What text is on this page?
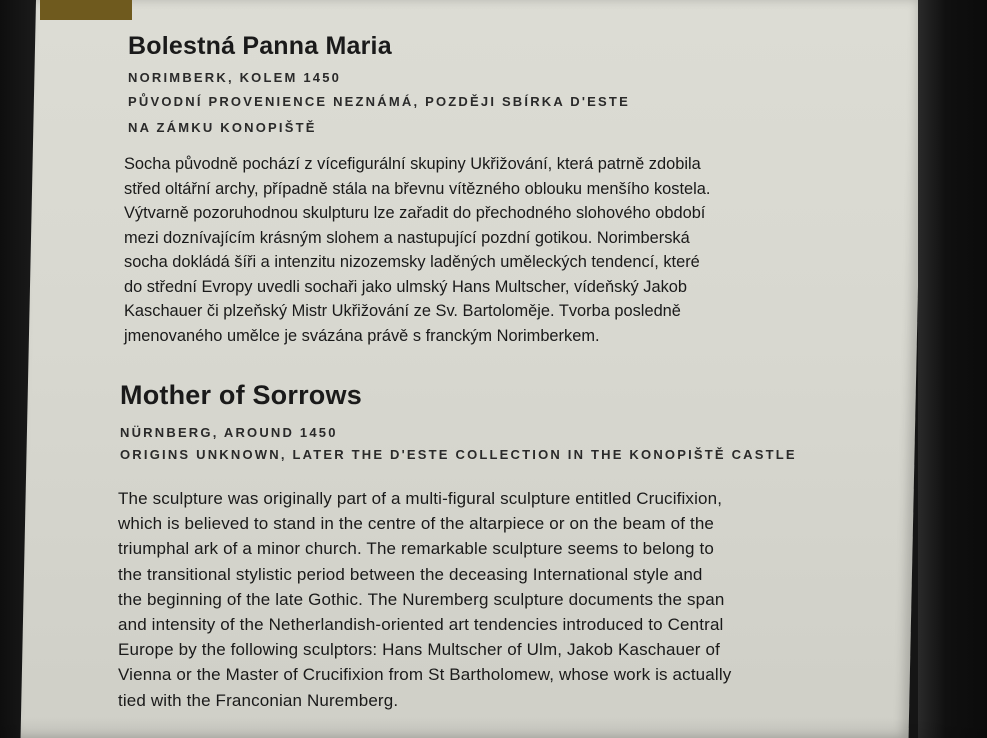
Bolestná Panna Maria
NORIMBERK, KOLEM 1450
PŮVODNÍ PROVENIENCE NEZNÁMÁ, POZDĚJI SBÍRKA D'ESTE
NA ZÁMKU KONOPIŠTĚ
Socha původně pochází z vícefigurální skupiny Ukřižování, která patrně zdobila
střed oltářní archy, případně stála na břevnu vítězného oblouku menšího kostela.
Výtvarně pozoruhodnou skulpturu lze zařadit do přechodného slohového období
mezi doznívajícím krásným slohem a nastupující pozdní gotikou. Norimberská
socha dokládá šíři a intenzitu nizozemsky laděných uměleckých tendencí, které
do střední Evropy uvedli sochaři jako ulmský Hans Multscher, vídeňský Jakob
Kaschauer či plzeňský Mistr Ukřižování ze Sv. Bartoloměje. Tvorba posledně
jmenovaného umělce je svázána právě s franckým Norimberkem.
Mother of Sorrows
NÜRNBERG, AROUND 1450
ORIGINS UNKNOWN, LATER THE D'ESTE COLLECTION IN THE KONOPIŠTĚ CASTLE
The sculpture was originally part of a multi-figural sculpture entitled Crucifixion,
which is believed to stand in the centre of the altarpiece or on the beam of the
triumphal ark of a minor church. The remarkable sculpture seems to belong to
the transitional stylistic period between the deceasing International style and
the beginning of the late Gothic. The Nuremberg sculpture documents the span
and intensity of the Netherlandish-oriented art tendencies introduced to Central
Europe by the following sculptors: Hans Multscher of Ulm, Jakob Kaschauer of
Vienna or the Master of Crucifixion from St Bartholomew, whose work is actually
tied with the Franconian Nuremberg.
